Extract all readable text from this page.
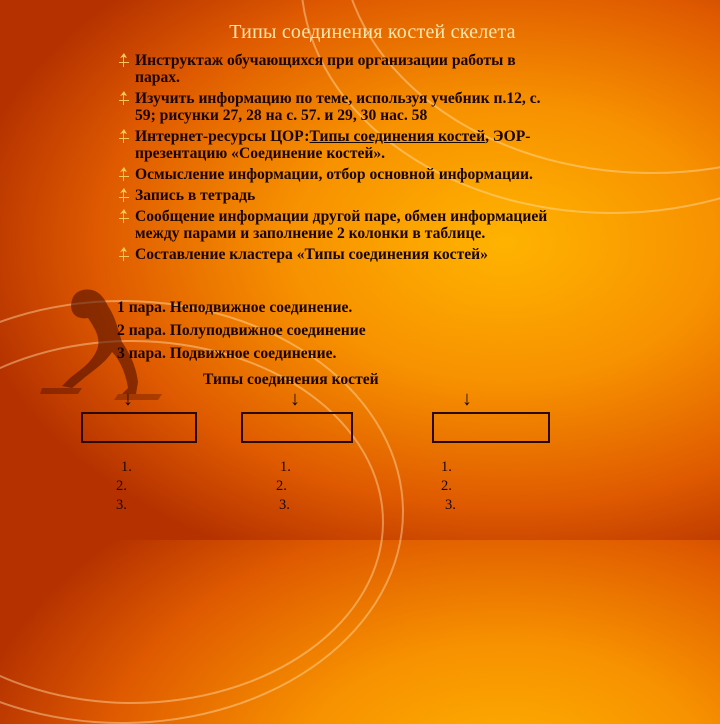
Типы соединения костей скелета
Инструктаж обучающихся при организации работы в
парах.
Изучить информацию по теме, используя учебник п.12, с.
59; рисунки 27, 28 на с. 57. и 29, 30 нас. 58
Интернет-ресурсы ЦОР:Типы соединения костей, ЭОР-
презентацию «Соединение костей».
Осмысление информации, отбор основной информации.
Запись в тетрадь
Сообщение информации другой паре, обмен информацией
между парами и заполнение 2 колонки в таблице.
Составление кластера «Типы соединения костей»
1 пара. Неподвижное соединение.
2 пара. Полуподвижное соединение
3 пара. Подвижное соединение.
Типы соединения костей
↓	↓	↓
1.
2.
3.
1.
2.
3.
1.
2.
3.
